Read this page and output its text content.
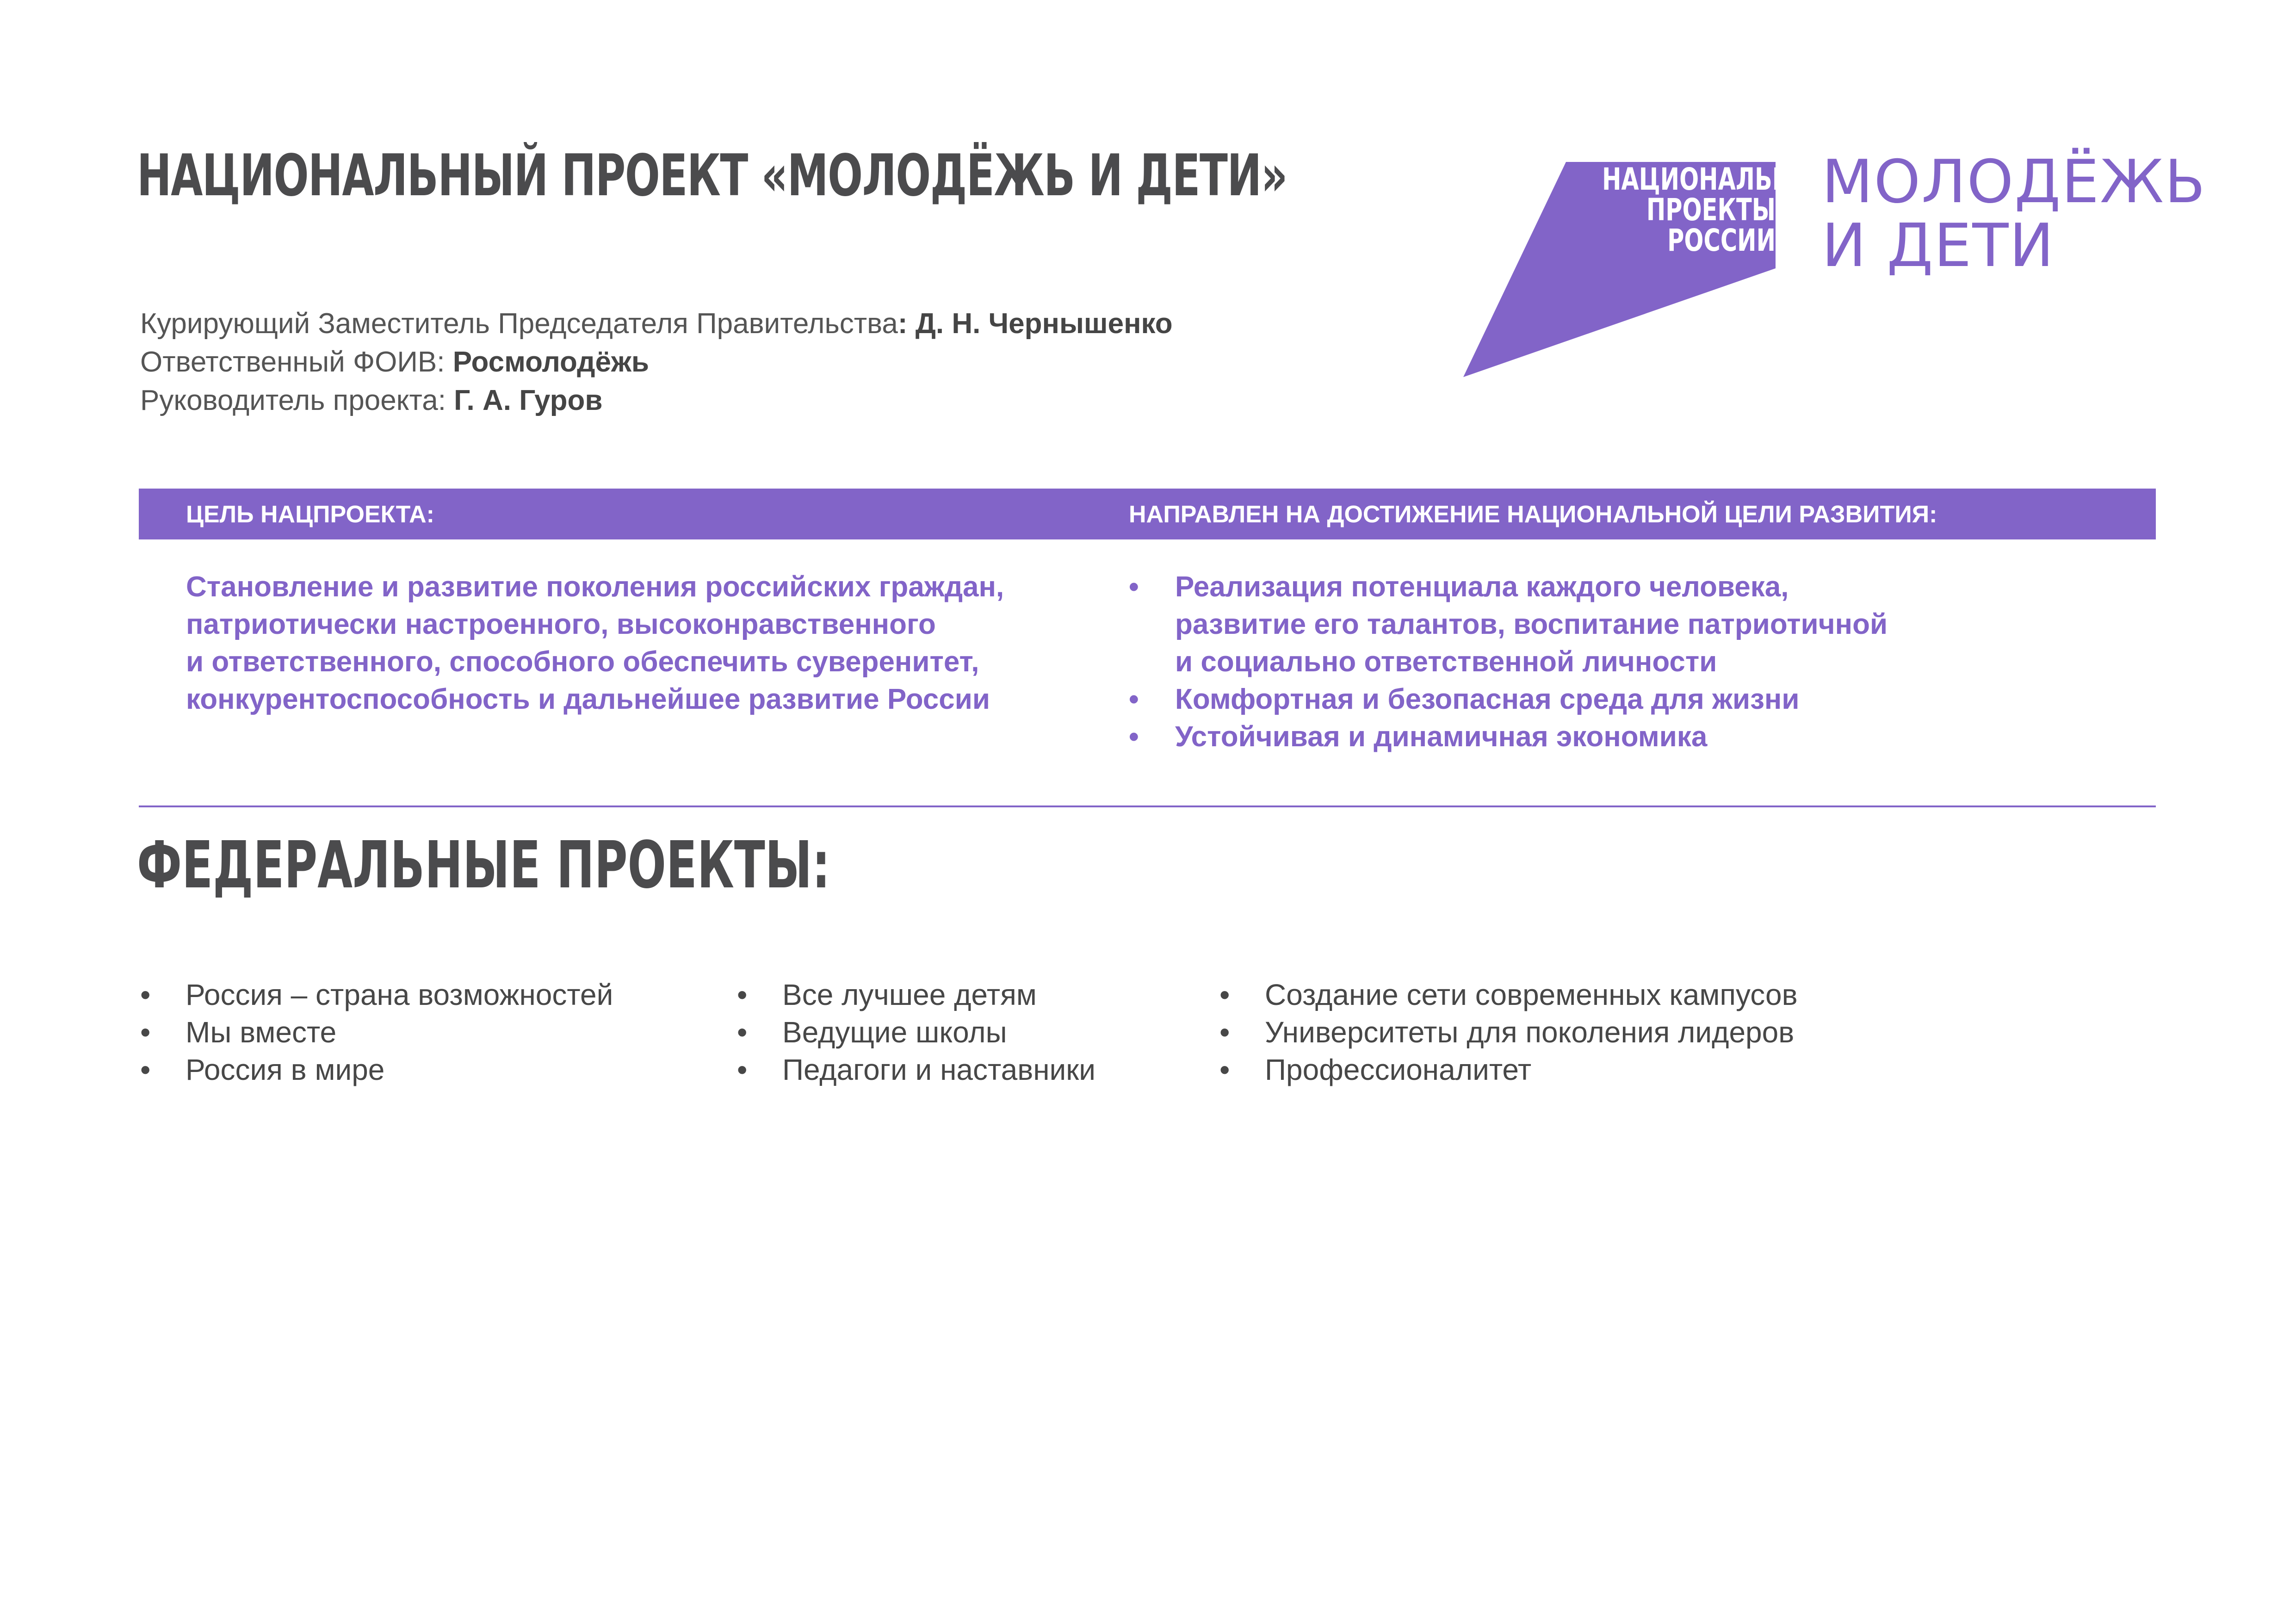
НАЦИОНАЛЬНЫЙ ПРОЕКТ «МОЛОДЁЖЬ И ДЕТИ»	НАЦИОНАЛЬНЫЕ
ПРОЕКТЫ
РОССИИ
МОЛОДЁЖЬ
И ДЕТИ
Курирующий Заместитель Председателя Правительства: Д. Н. Чернышенко
Ответственный ФОИВ: Росмолодёжь
Руководитель проекта: Г. А. Гуров
ЦЕЛЬ НАЦПРОЕКТА:	НАПРАВЛЕН НА ДОСТИЖЕНИЕ НАЦИОНАЛЬНОЙ ЦЕЛИ РАЗВИТИЯ:
Становление и развитие поколения российских граждан,
патриотически настроенного, высоконравственного
и ответственного, способного обеспечить суверенитет,
конкурентоспособность и дальнейшее развитие России
• Реализация потенциала каждого человека,
развитие его талантов, воспитание патриотичной
и социально ответственной личности
• Комфортная и безопасная среда для жизни
• Устойчивая и динамичная экономика
ФЕДЕРАЛЬНЫЕ ПРОЕКТЫ:
• Россия – страна возможностей
• Мы вместе
• Россия в мире
• Все лучшее детям
• Ведущие школы
• Педагоги и наставники
• Создание сети современных кампусов
• Университеты для поколения лидеров
• Профессионалитет
